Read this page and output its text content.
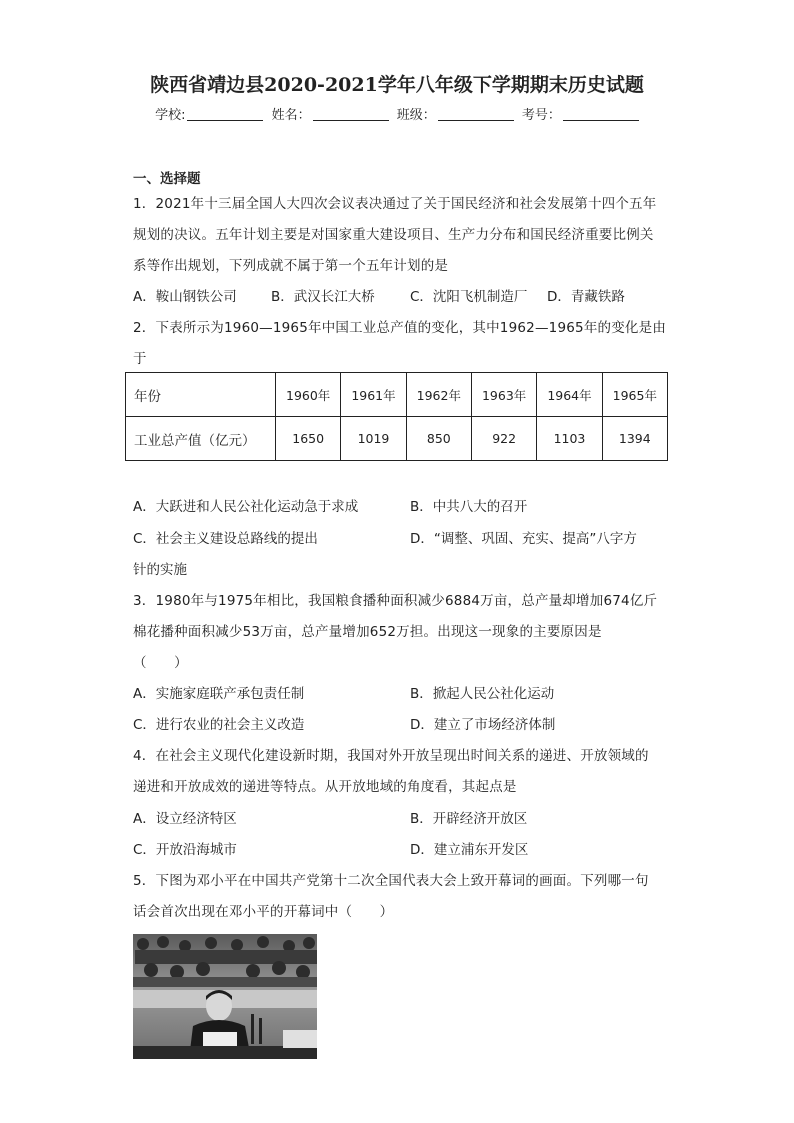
陕西省靖边县2020-2021学年八年级下学期期末历史试题
学校:	姓名：	班级：	考号：
一、选择题
1．2021年十三届全国人大四次会议表决通过了关于国民经济和社会发展第十四个五年
规划的决议。五年计划主要是对国家重大建设项目、生产力分布和国民经济重要比例关
系等作出规划，下列成就不属于第一个五年计划的是
A．鞍山钢铁公司	B．武汉长江大桥	C．沈阳飞机制造厂 D．青藏铁路
2．下表所示为1960—1965年中国工业总产值的变化，其中1962—1965年的变化是由
于
年份	1960年	1961年	1962年	1963年	1964年	1965年
工业总产值（亿元）	1650	1019	850	922	1103	1394
A．大跃进和人民公社化运动急于求成	B．中共八大的召开
C．社会主义建设总路线的提出	D．“调整、巩固、充实、提高”八字方
针的实施
3．1980年与1975年相比，我国粮食播种面积减少6884万亩，总产量却增加674亿斤
棉花播种面积减少53万亩，总产量增加652万担。出现这一现象的主要原因是
（　　）
A．实施家庭联产承包责任制	B．掀起人民公社化运动
C．进行农业的社会主义改造	D．建立了市场经济体制
4．在社会主义现代化建设新时期，我国对外开放呈现出时间关系的递进、开放领域的
递进和开放成效的递进等特点。从开放地域的角度看，其起点是
A．设立经济特区	B．开辟经济开放区
C．开放沿海城市	D．建立浦东开发区
5．下图为邓小平在中国共产党第十二次全国代表大会上致开幕词的画面。下列哪一句
话会首次出现在邓小平的开幕词中（　　）
